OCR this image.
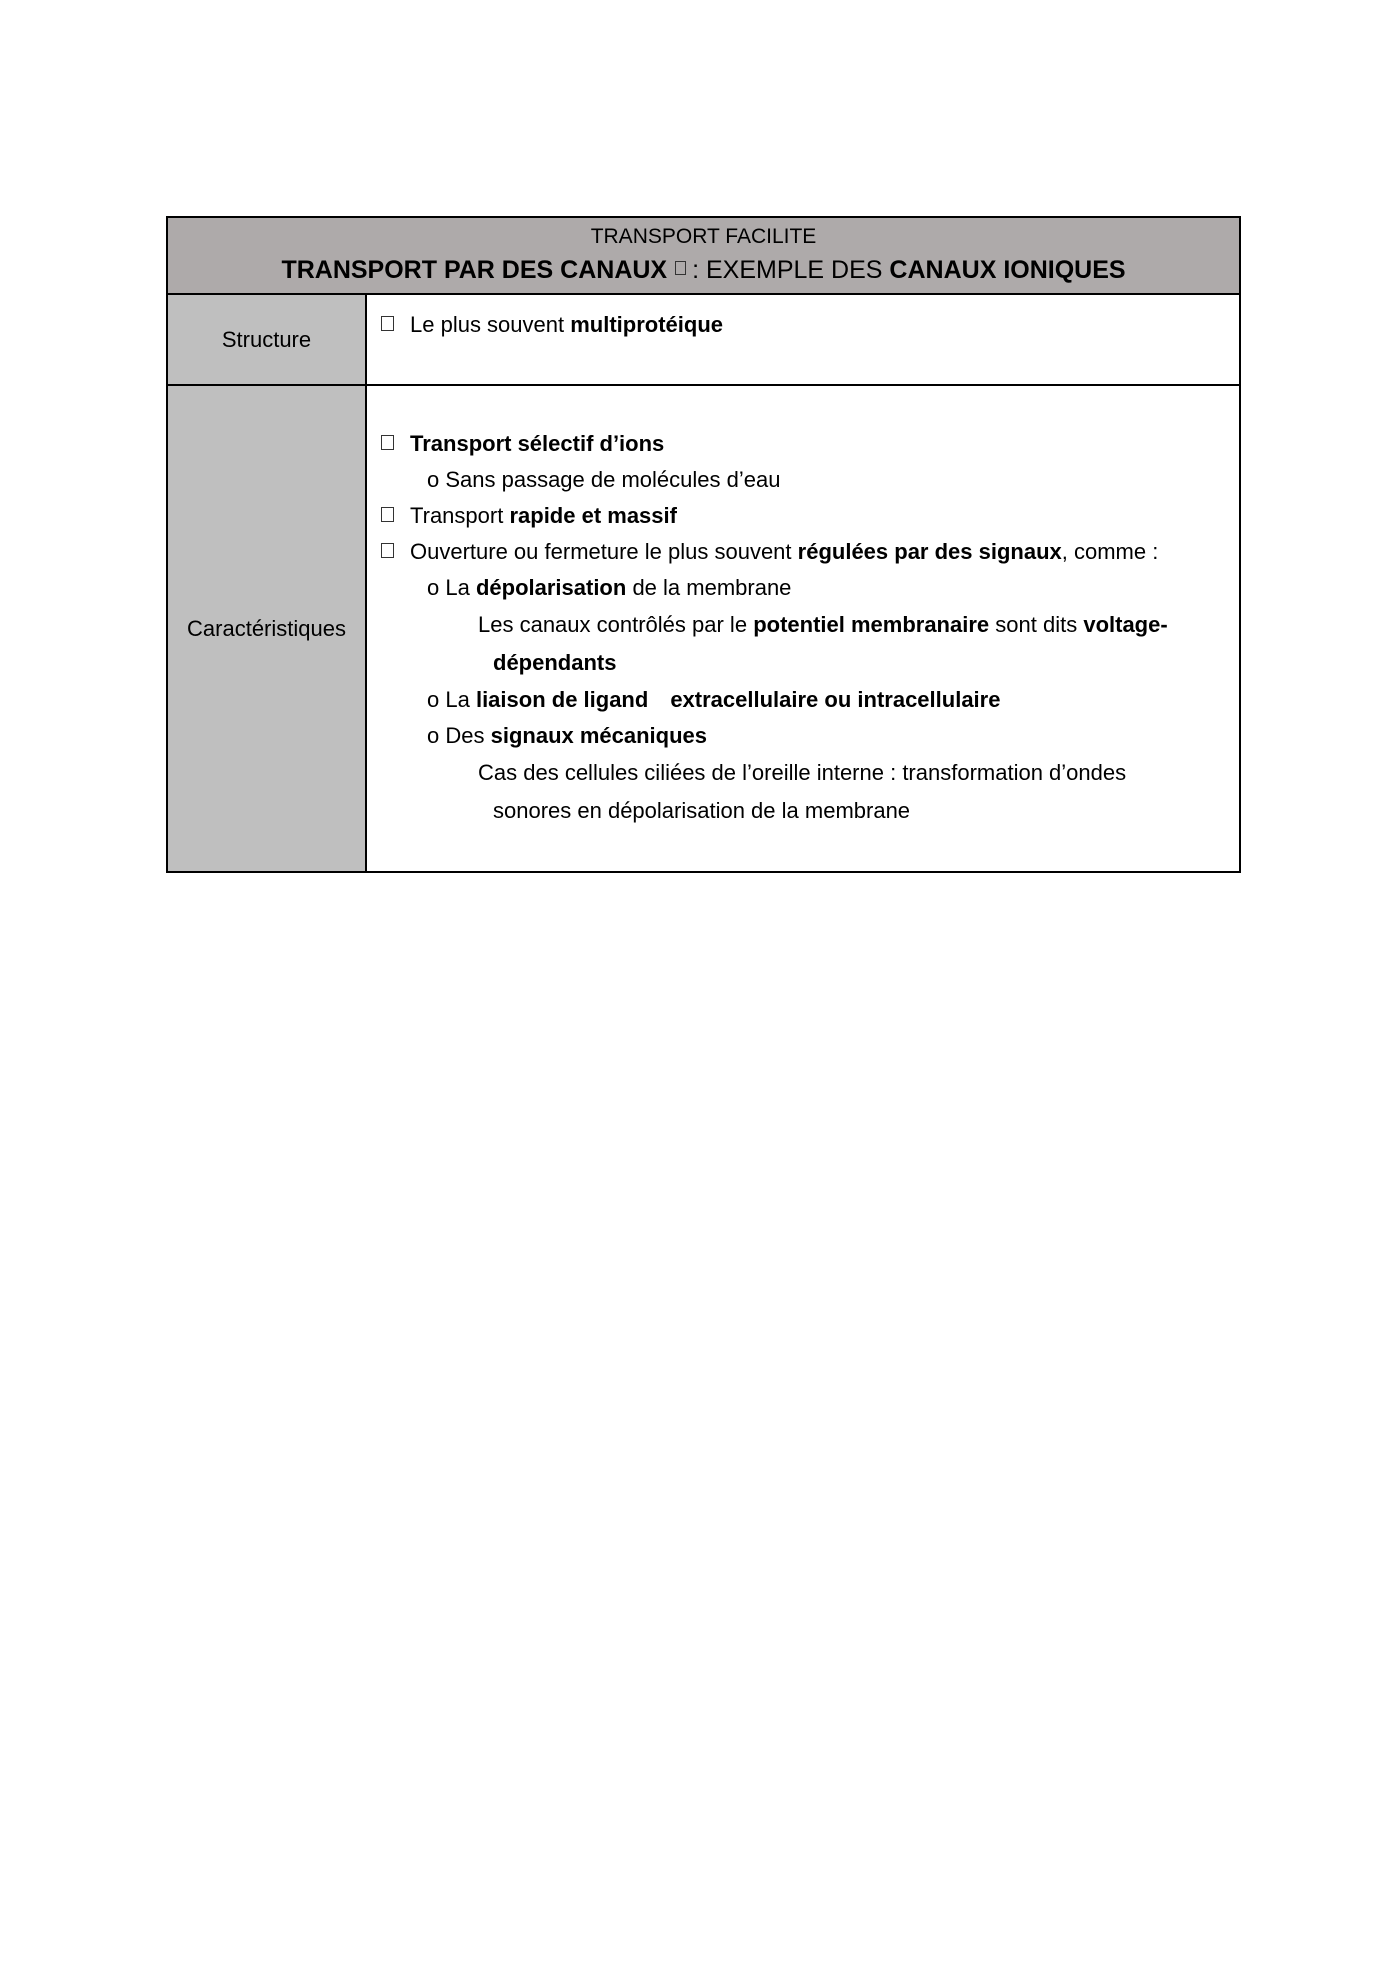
TRANSPORT FACILITE
TRANSPORT PAR DES CANAUX : EXEMPLE DES CANAUX IONIQUES
Structure
Le plus souvent multiprotéique
Caractéristiques
Transport sélectif d’ions
o Sans passage de molécules d’eau
Transport rapide et massif
Ouverture ou fermeture le plus souvent régulées par des signaux, comme :
o La dépolarisation de la membrane
Les canaux contrôlés par le potentiel membranaire sont dits voltage-
dépendants
o La liaison de ligand extracellulaire ou intracellulaire
o Des signaux mécaniques
Cas des cellules ciliées de l’oreille interne : transformation d’ondes
sonores en dépolarisation de la membrane
